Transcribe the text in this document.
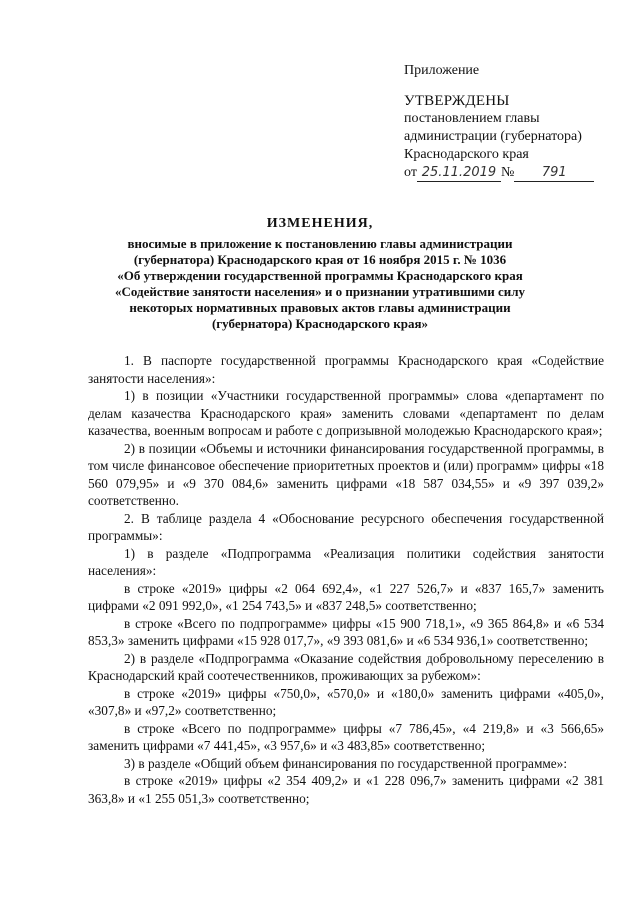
Приложение
УТВЕРЖДЕНЫ
постановлением главы
администрации (губернатора)
Краснодарского края
от 25.11.2019 № 791
ИЗМЕНЕНИЯ,
вносимые в приложение к постановлению главы администрации
(губернатора) Краснодарского края от 16 ноября 2015 г. № 1036
«Об утверждении государственной программы Краснодарского края
«Содействие занятости населения» и о признании утратившими силу
некоторых нормативных правовых актов главы администрации
(губернатора) Краснодарского края»

1. В паспорте государственной программы Краснодарского края «Содействие занятости населения»:

1) в позиции «Участники государственной программы» слова «департамент по делам казачества Краснодарского края» заменить словами «департамент по делам казачества, военным вопросам и работе с допризывной молодежью Краснодарского края»;

2) в позиции «Объемы и источники финансирования государственной программы, в том числе финансовое обеспечение приоритетных проектов и (или) программ» цифры «18 560 079,95» и «9 370 084,6» заменить цифрами «18 587 034,55» и «9 397 039,2» соответственно.

2. В таблице раздела 4 «Обоснование ресурсного обеспечения государственной программы»:

1) в разделе «Подпрограмма «Реализация политики содействия занятости населения»:

в строке «2019» цифры «2 064 692,4», «1 227 526,7» и «837 165,7» заменить цифрами «2 091 992,0», «1 254 743,5» и «837 248,5» соответственно;

в строке «Всего по подпрограмме» цифры «15 900 718,1», «9 365 864,8» и «6 534 853,3» заменить цифрами «15 928 017,7», «9 393 081,6» и «6 534 936,1» соответственно;

2) в разделе «Подпрограмма «Оказание содействия добровольному переселению в Краснодарский край соотечественников, проживающих за рубежом»:

в строке «2019» цифры «750,0», «570,0» и «180,0» заменить цифрами «405,0», «307,8» и «97,2» соответственно;

в строке «Всего по подпрограмме» цифры «7 786,45», «4 219,8» и «3 566,65» заменить цифрами «7 441,45», «3 957,6» и «3 483,85» соответственно;

3) в разделе «Общий объем финансирования по государственной программе»:

в строке «2019» цифры «2 354 409,2» и «1 228 096,7» заменить цифрами «2 381 363,8» и «1 255 051,3» соответственно;
